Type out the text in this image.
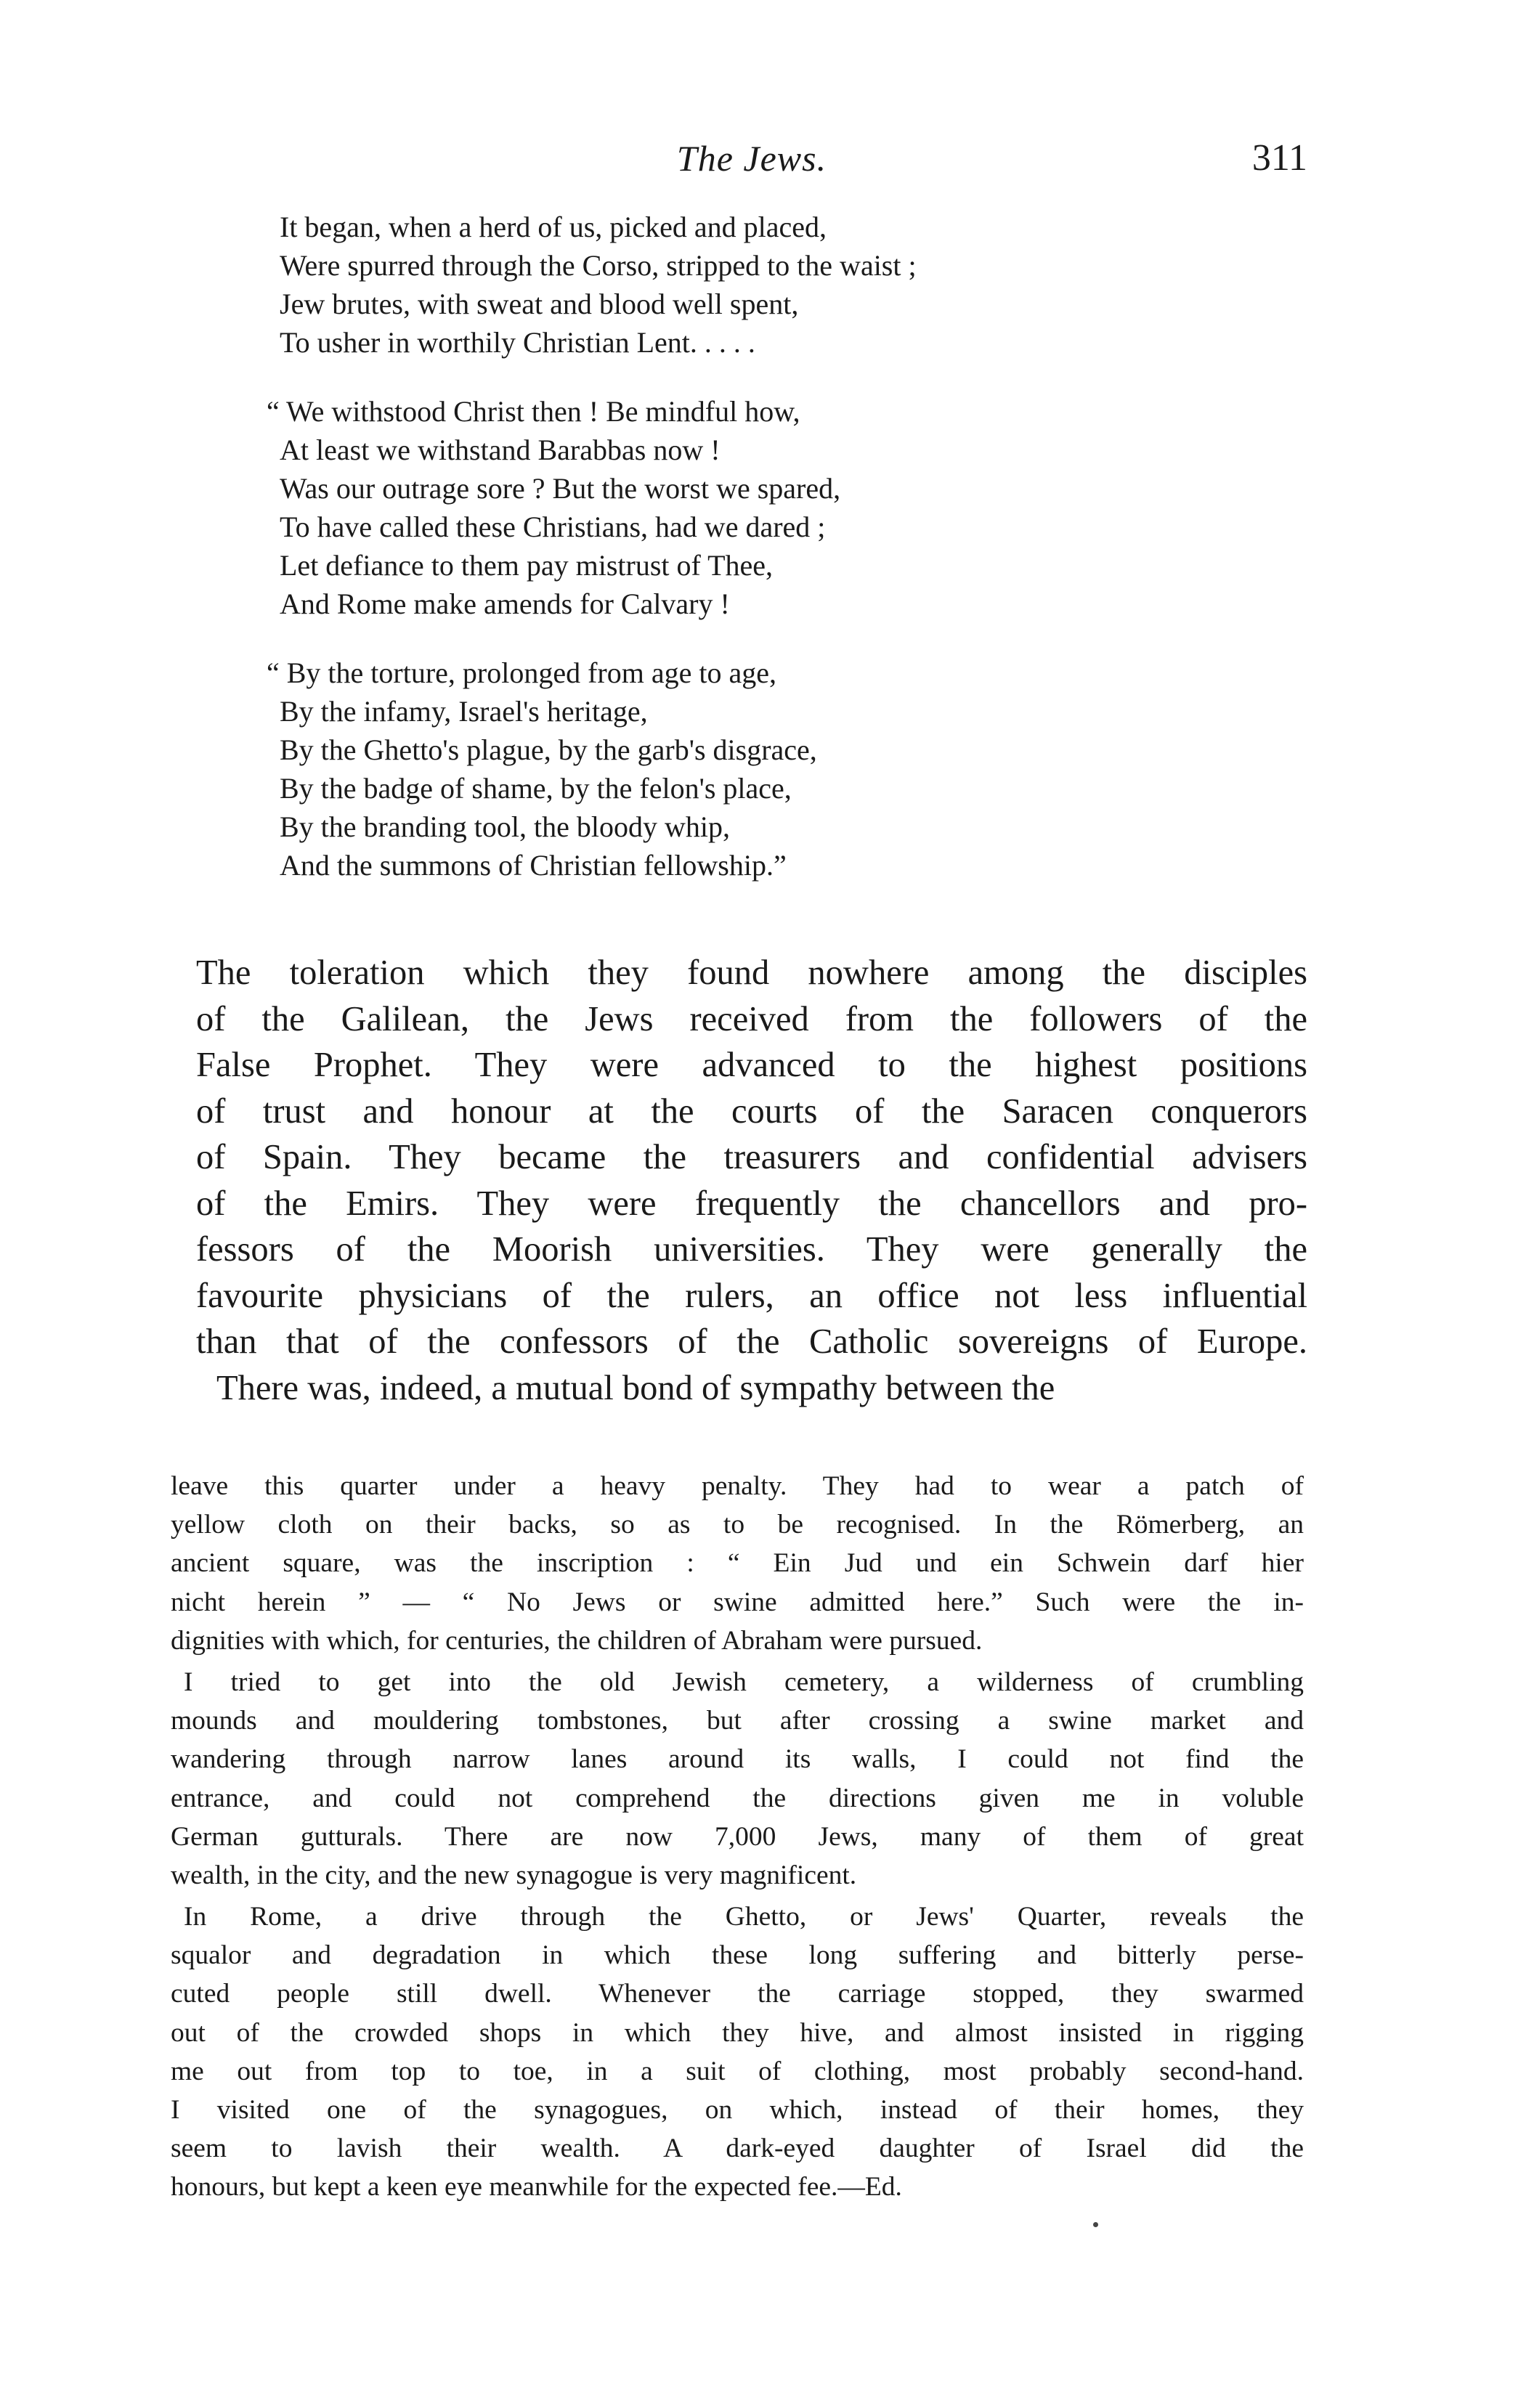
The Jews.	311
It began, when a herd of us, picked and placed,
Were spurred through the Corso, stripped to the waist ;
Jew brutes, with sweat and blood well spent,
To usher in worthily Christian Lent. . . . .
“ We withstood Christ then ! Be mindful how,
At least we withstand Barabbas now !
Was our outrage sore ? But the worst we spared,
To have called these Christians, had we dared ;
Let defiance to them pay mistrust of Thee,
And Rome make amends for Calvary !
“ By the torture, prolonged from age to age,
By the infamy, Israel's heritage,
By the Ghetto's plague, by the garb's disgrace,
By the badge of shame, by the felon's place,
By the branding tool, the bloody whip,
And the summons of Christian fellowship.”
The toleration which they found nowhere among the disciples
of the Galilean, the Jews received from the followers of the
False Prophet. They were advanced to the highest positions
of trust and honour at the courts of the Saracen conquerors
of Spain. They became the treasurers and confidential advisers
of the Emirs. They were frequently the chancellors and pro-
fessors of the Moorish universities. They were generally the
favourite physicians of the rulers, an office not less influential
than that of the confessors of the Catholic sovereigns of Europe.
There was, indeed, a mutual bond of sympathy between the
leave this quarter under a heavy penalty. They had to wear a patch of
yellow cloth on their backs, so as to be recognised. In the Römerberg, an
ancient square, was the inscription : “ Ein Jud und ein Schwein darf hier
nicht herein ” — “ No Jews or swine admitted here.” Such were the in-
dignities with which, for centuries, the children of Abraham were pursued.
I tried to get into the old Jewish cemetery, a wilderness of crumbling
mounds and mouldering tombstones, but after crossing a swine market and
wandering through narrow lanes around its walls, I could not find the
entrance, and could not comprehend the directions given me in voluble
German gutturals. There are now 7,000 Jews, many of them of great
wealth, in the city, and the new synagogue is very magnificent.
In Rome, a drive through the Ghetto, or Jews' Quarter, reveals the
squalor and degradation in which these long suffering and bitterly perse-
cuted people still dwell. Whenever the carriage stopped, they swarmed
out of the crowded shops in which they hive, and almost insisted in rigging
me out from top to toe, in a suit of clothing, most probably second-hand.
I visited one of the synagogues, on which, instead of their homes, they
seem to lavish their wealth. A dark-eyed daughter of Israel did the
honours, but kept a keen eye meanwhile for the expected fee.—Ed.
